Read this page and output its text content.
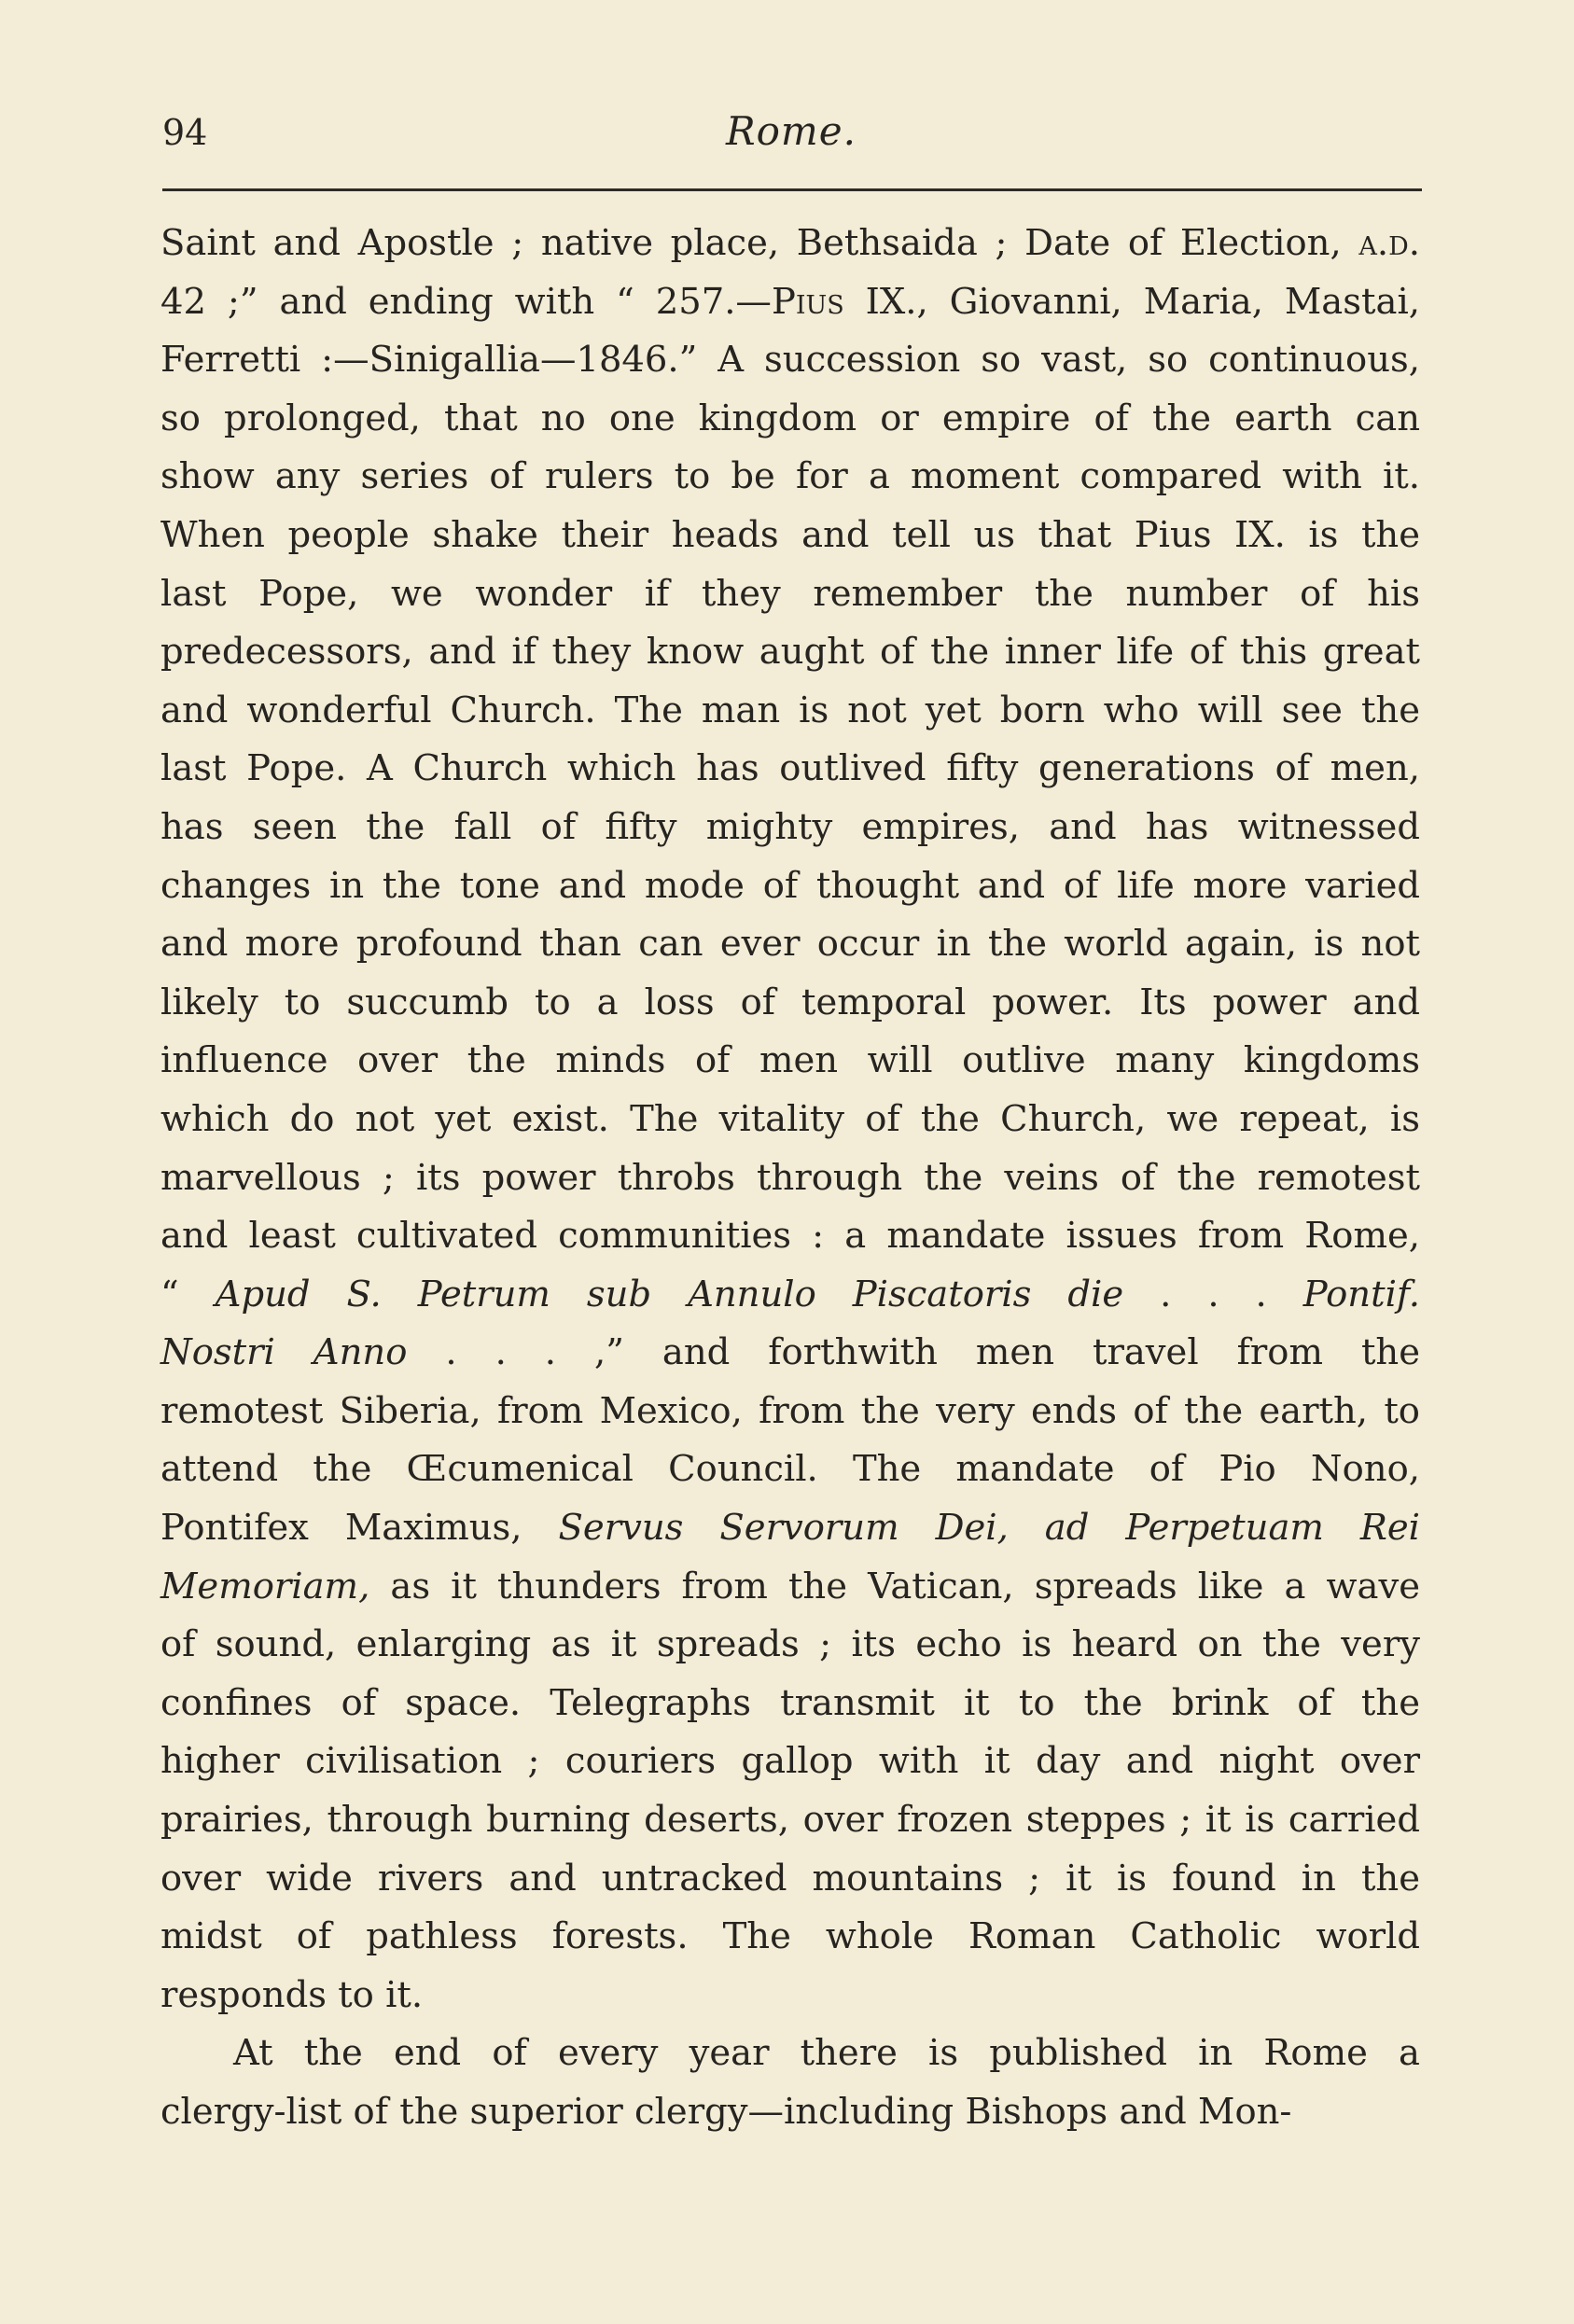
94	Rome.
Saint and Apostle ; native place, Bethsaida ; Date of Election, a.d.
42 ;” and ending with “ 257.—Pius IX., Giovanni, Maria, Mastai,
Ferretti :—Sinigallia—1846.” A succession so vast, so continuous,
so prolonged, that no one kingdom or empire of the earth can
show any series of rulers to be for a moment compared with it.
When people shake their heads and tell us that Pius IX. is the
last Pope, we wonder if they remember the number of his
predecessors, and if they know aught of the inner life of this great
and wonderful Church. The man is not yet born who will see the
last Pope. A Church which has outlived fifty generations of men,
has seen the fall of fifty mighty empires, and has witnessed
changes in the tone and mode of thought and of life more varied
and more profound than can ever occur in the world again, is not
likely to succumb to a loss of temporal power. Its power and
influence over the minds of men will outlive many kingdoms
which do not yet exist. The vitality of the Church, we repeat, is
marvellous ; its power throbs through the veins of the remotest
and least cultivated communities : a mandate issues from Rome,
“ Apud S. Petrum sub Annulo Piscatoris die . . . Pontif.
Nostri Anno . . . ,” and forthwith men travel from the
remotest Siberia, from Mexico, from the very ends of the earth, to
attend the Œcumenical Council. The mandate of Pio Nono,
Pontifex Maximus, Servus Servorum Dei, ad Perpetuam Rei
Memoriam, as it thunders from the Vatican, spreads like a wave
of sound, enlarging as it spreads ; its echo is heard on the very
confines of space. Telegraphs transmit it to the brink of the
higher civilisation ; couriers gallop with it day and night over
prairies, through burning deserts, over frozen steppes ; it is carried
over wide rivers and untracked mountains ; it is found in the
midst of pathless forests. The whole Roman Catholic world
responds to it.
At the end of every year there is published in Rome a
clergy-list of the superior clergy—including Bishops and Mon-
